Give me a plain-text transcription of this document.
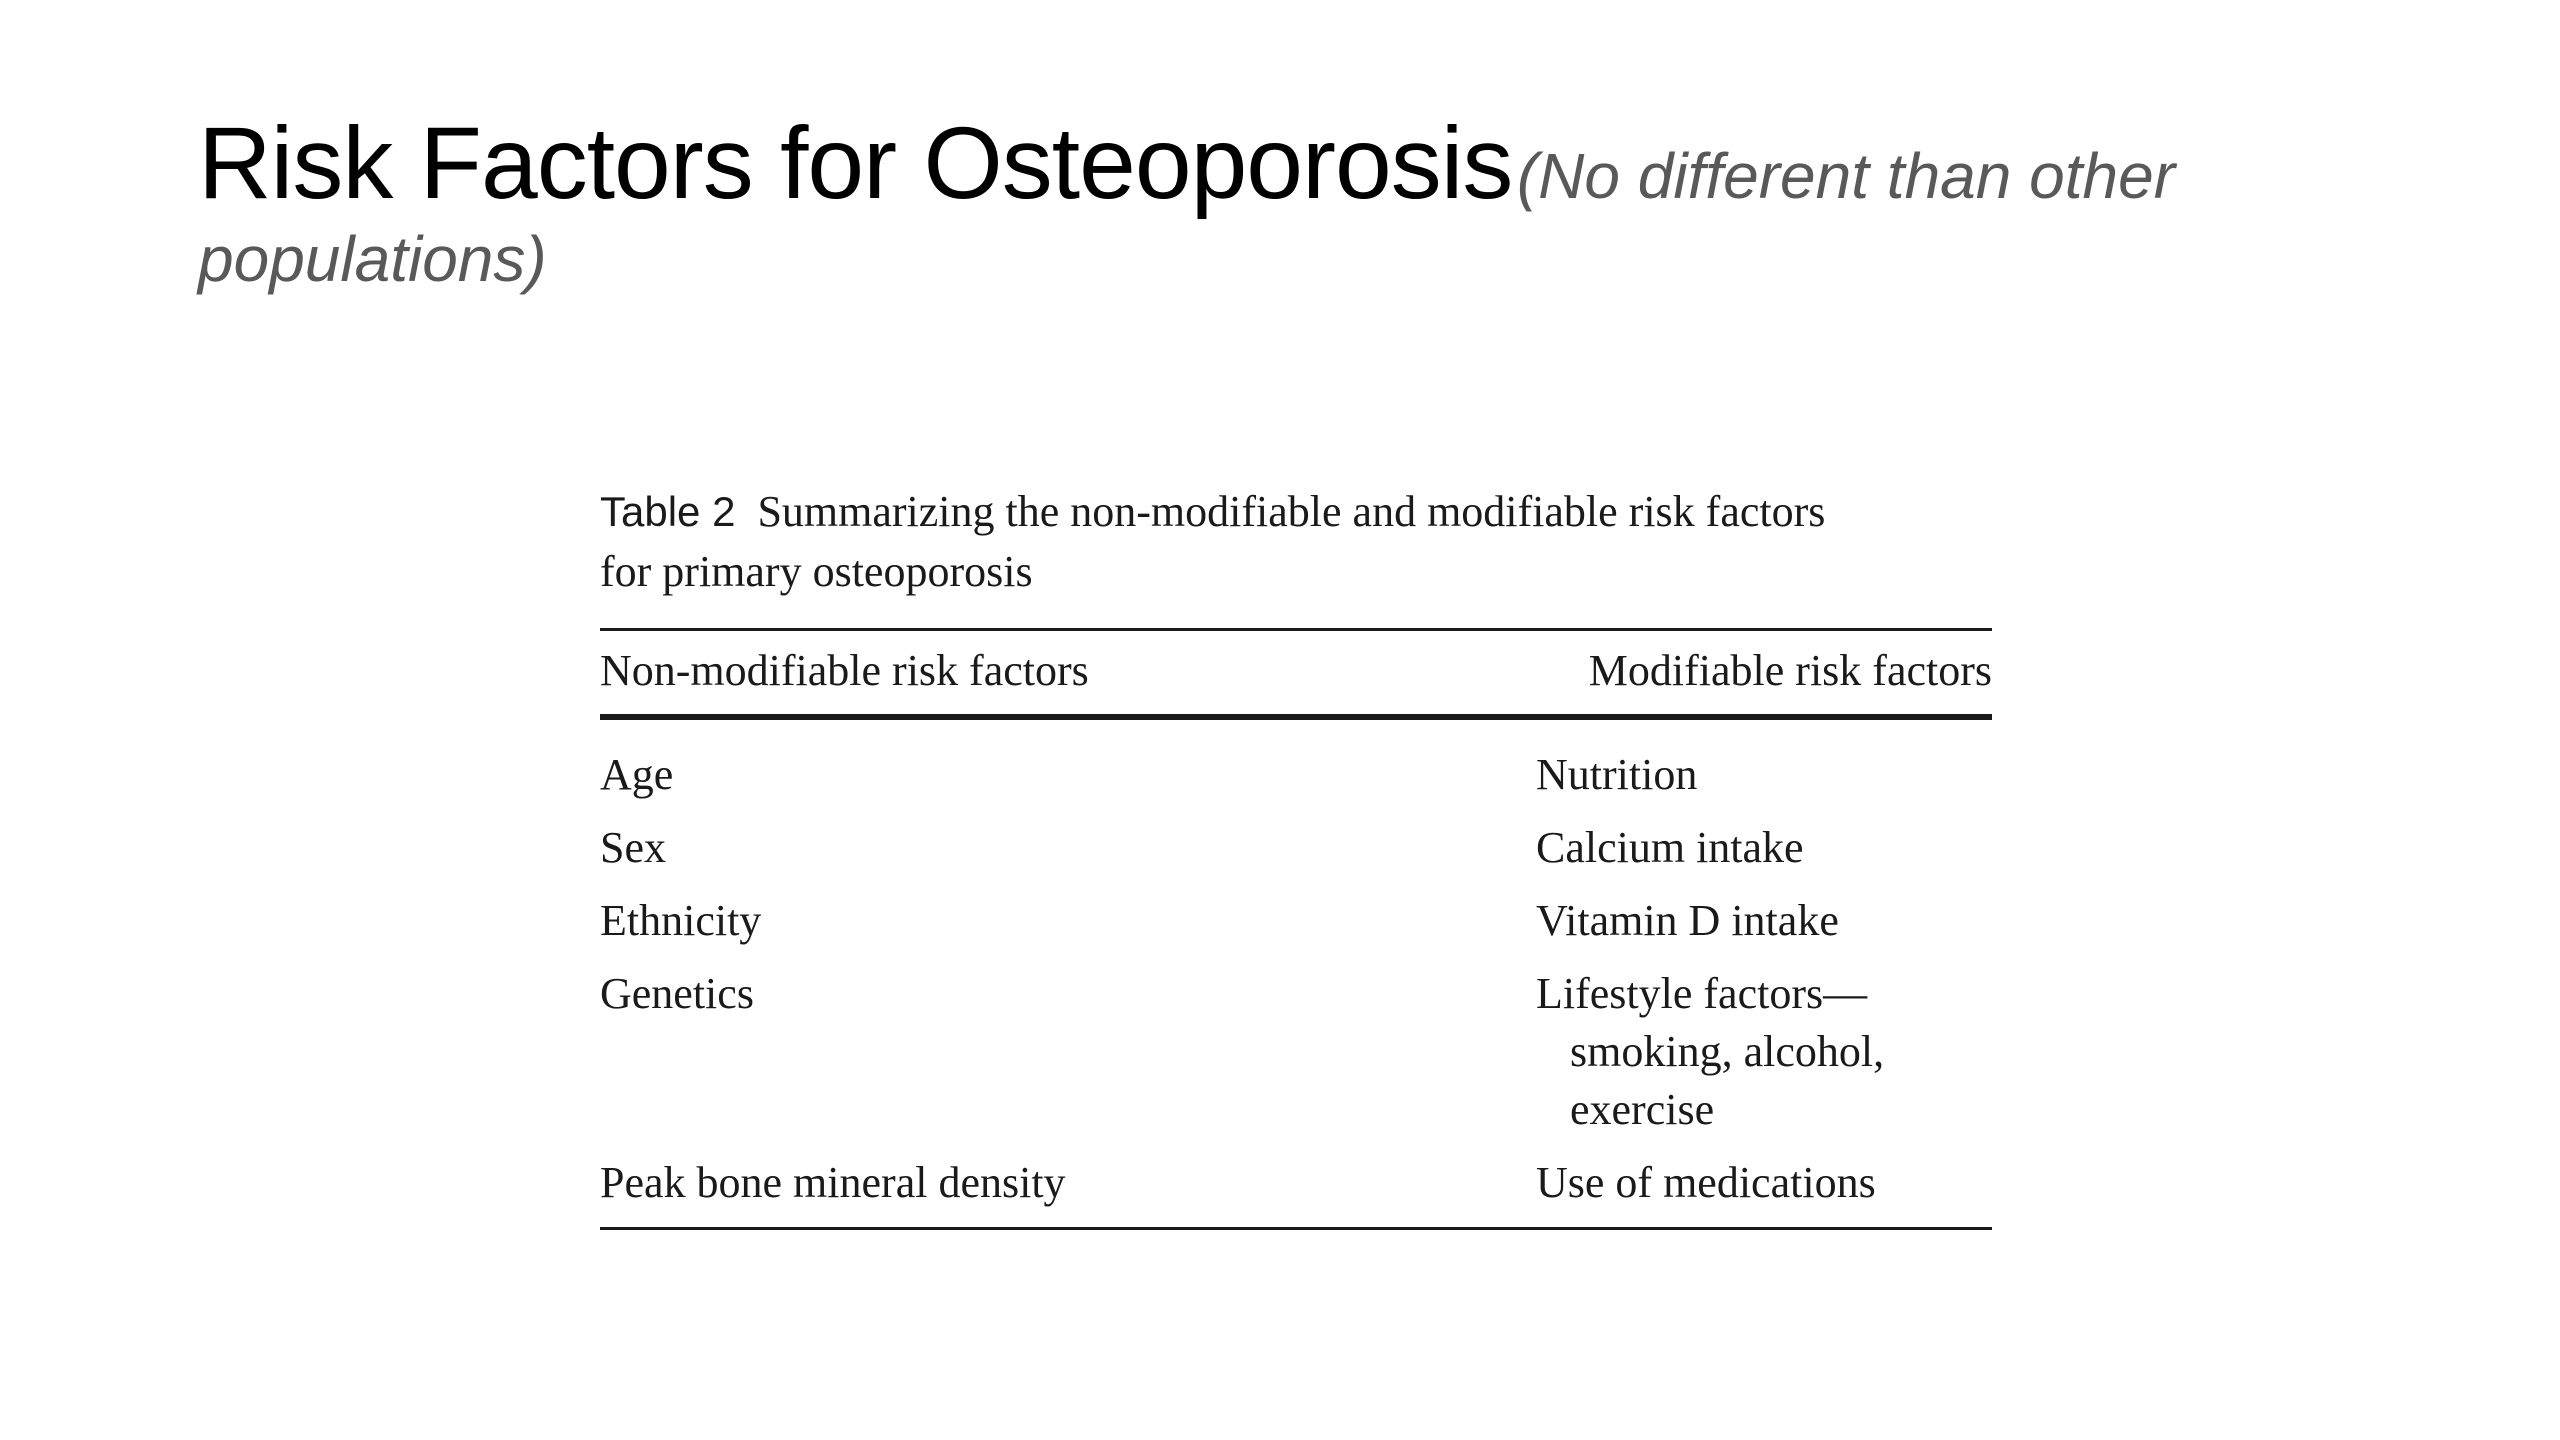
Risk Factors for Osteoporosis (No different than other
populations)
Table 2 Summarizing the non-modifiable and modifiable risk factors
for primary osteoporosis
Non-modifiable risk factors	Modifiable risk factors
Age	Nutrition
Sex	Calcium intake
Ethnicity	Vitamin D intake
Genetics	Lifestyle factors—
smoking, alcohol,
exercise
Peak bone mineral density	Use of medications
